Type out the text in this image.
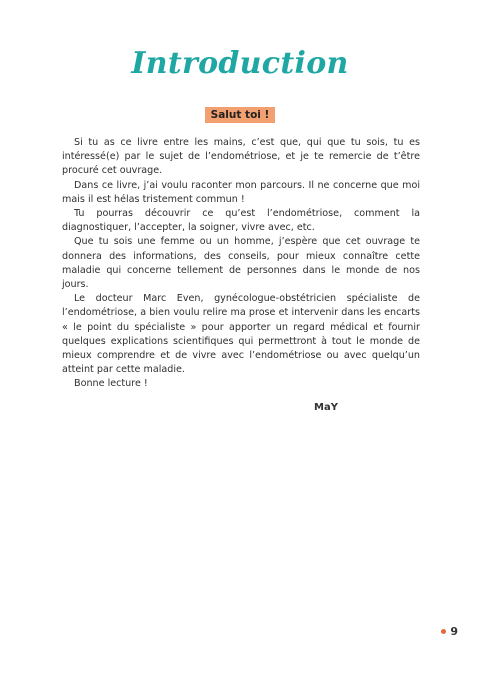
Introduction
Salut toi !

Si tu as ce livre entre les mains, c’est que, qui que tu sois, tu es intéressé(e) par le sujet de l’endométriose, et je te remercie de t’être procuré cet ouvrage.

Dans ce livre, j’ai voulu raconter mon parcours. Il ne concerne que moi mais il est hélas tristement commun !

Tu pourras découvrir ce qu’est l’endométriose, comment la diagnostiquer, l’accepter, la soigner, vivre avec, etc.

Que tu sois une femme ou un homme, j’espère que cet ouvrage te donnera des informations, des conseils, pour mieux connaître cette maladie qui concerne tellement de personnes dans le monde de nos jours.

Le docteur Marc Even, gynécologue-obstétricien spécialiste de l’endométriose, a bien voulu relire ma prose et intervenir dans les encarts « le point du spécialiste » pour apporter un regard médical et fournir quelques explications scientifiques qui permettront à tout le monde de mieux comprendre et de vivre avec l’endométriose ou avec quelqu’un atteint par cette maladie.

Bonne lecture !

MaY
9
